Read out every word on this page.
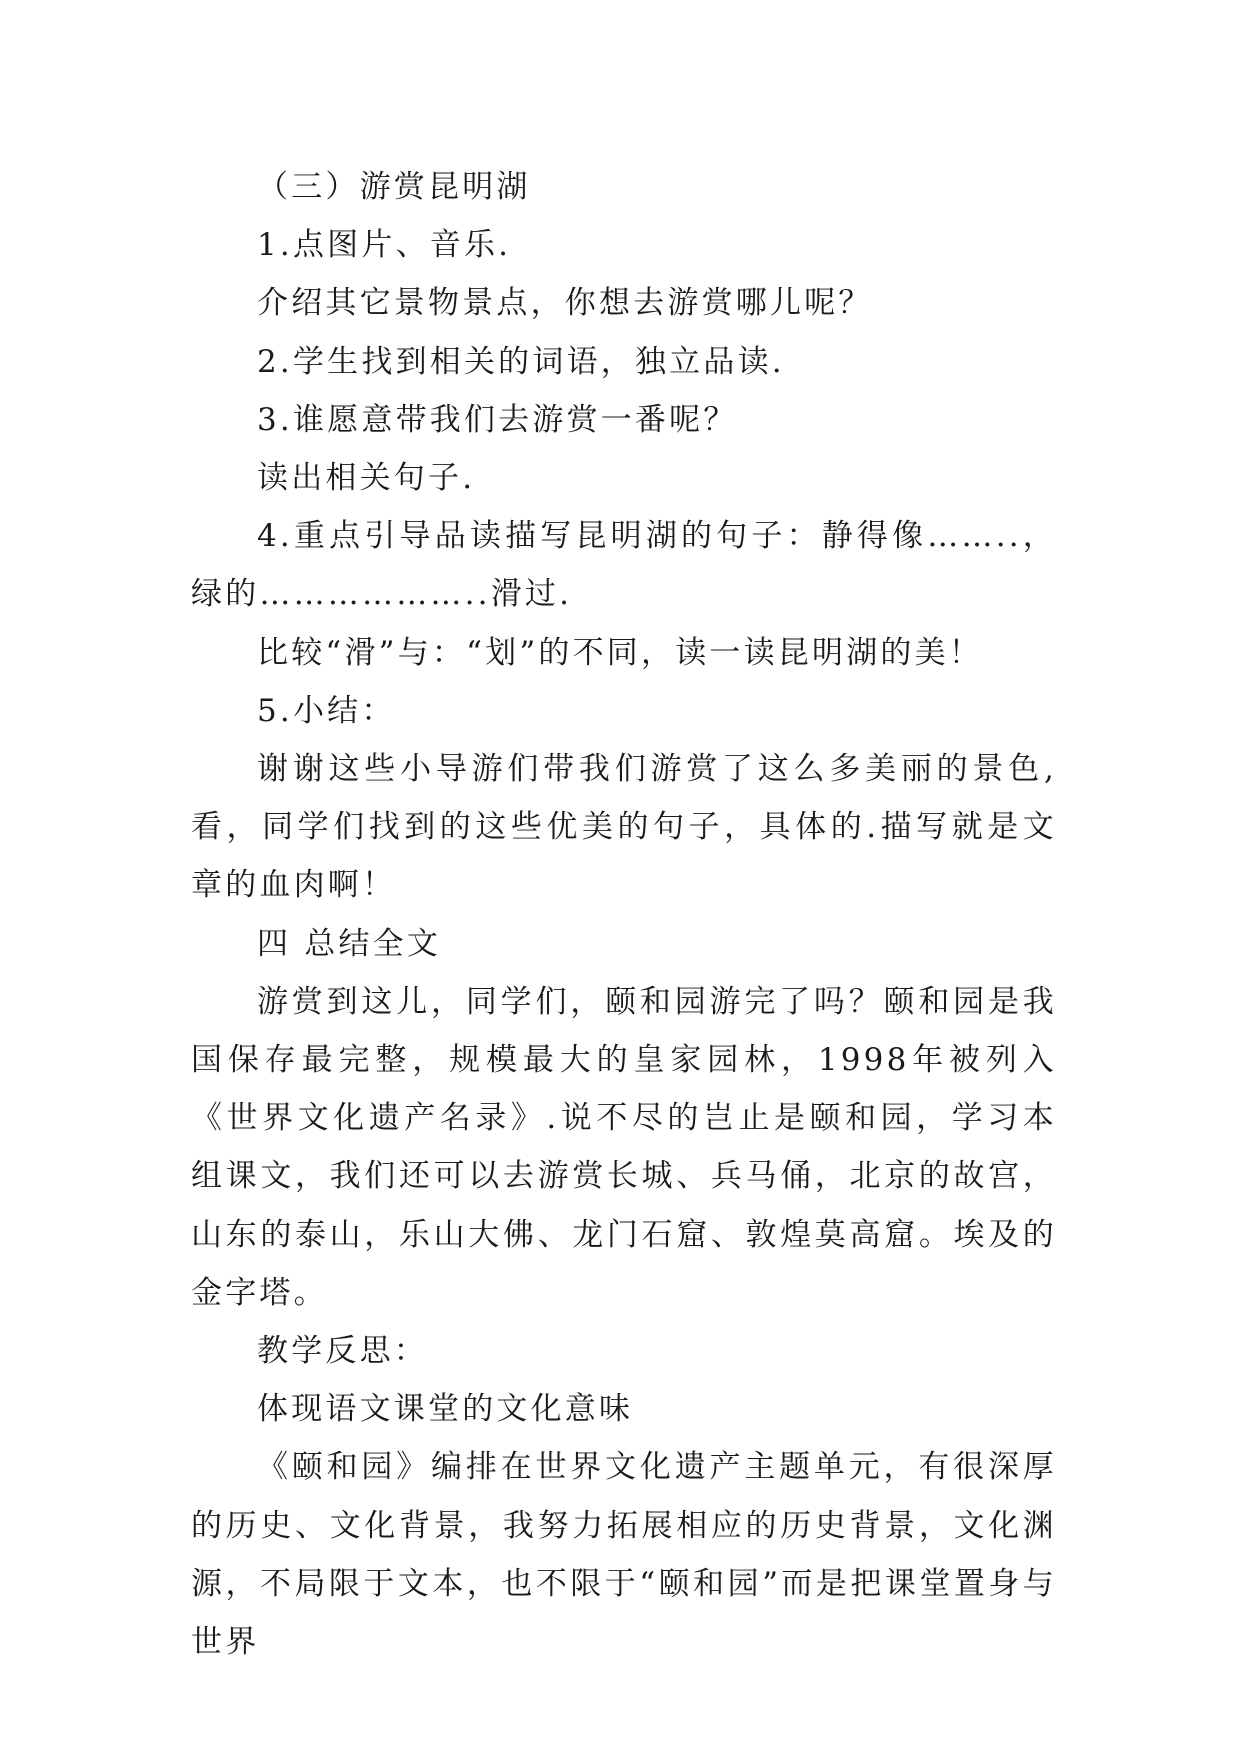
（三）游赏昆明湖

1.点图片、音乐.

介绍其它景物景点，你想去游赏哪儿呢？

2.学生找到相关的词语，独立品读.

3.谁愿意带我们去游赏一番呢？

读出相关句子.

4.重点引导品读描写昆明湖的句子：静得像……..，绿的………………..滑过.

比较“滑”与：“划”的不同，读一读昆明湖的美！

5.小结：

谢谢这些小导游们带我们游赏了这么多美丽的景色,看，同学们找到的这些优美的句子，具体的.描写就是文章的血肉啊！

四 总结全文

游赏到这儿，同学们，颐和园游完了吗？颐和园是我国保存最完整，规模最大的皇家园林，1998年被列入《世界文化遗产名录》.说不尽的岂止是颐和园，学习本组课文，我们还可以去游赏长城、兵马俑，北京的故宫，山东的泰山，乐山大佛、龙门石窟、敦煌莫高窟。埃及的金字塔。

教学反思：

体现语文课堂的文化意味

《颐和园》编排在世界文化遗产主题单元，有很深厚的历史、文化背景，我努力拓展相应的历史背景，文化渊源，不局限于文本，也不限于“颐和园”而是把课堂置身与世界
